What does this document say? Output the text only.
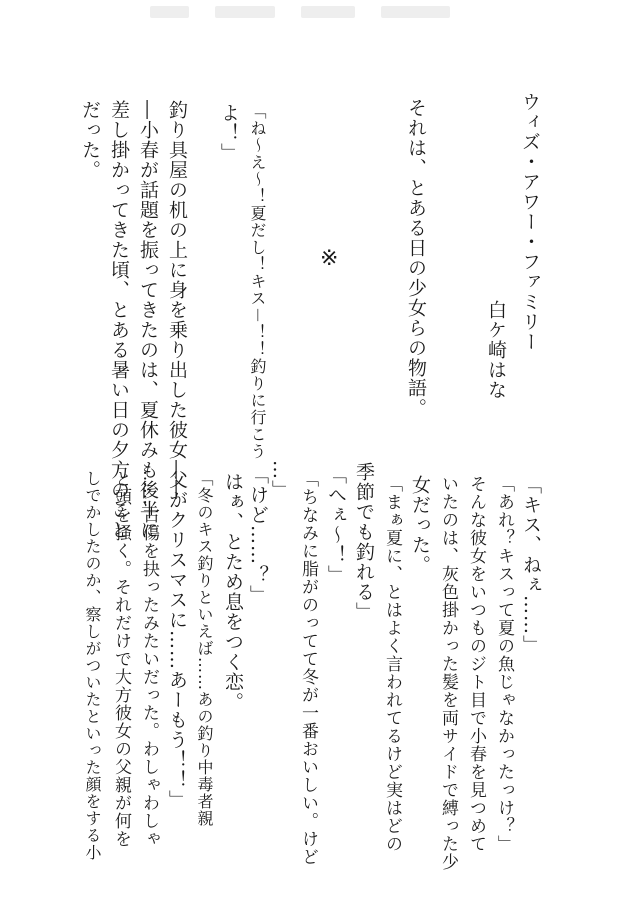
ウィズ・アワー・ファミリー

白ケ崎はな

それは、とある日の少女らの物語。

※

「ね～え～！夏だし！キス－！！釣りに行こう

よ！」

釣り具屋の机の上に身を乗り出した彼女――

―小春が話題を振ってきたのは、夏休みも後半に

差し掛かってきた頃、とある暑い日の夕方のこと

だった。

「キス、ねぇ……」

「あれ？キスって夏の魚じゃなかったっけ？」

そんな彼女をいつものジト目で小春を見つめて

いたのは、灰色掛かった髪を両サイドで縛った少

女だった。

「まぁ夏に、とはよく言われてるけど実はどの

季節でも釣れる」

「へぇ～！」

「ちなみに脂がのってて冬が一番おいしい。けど

…」

「けど……？」

はぁ、とため息をつく恋。

「冬のキス釣りといえば……あの釣り中毒者親

父がクリスマスに……あーもう！！」

……古傷を抉ったみたいだった。わしゃわしゃ

と頭を掻く。それだけで大方彼女の父親が何を

しでかしたのか、察しがついたといった顔をする小
